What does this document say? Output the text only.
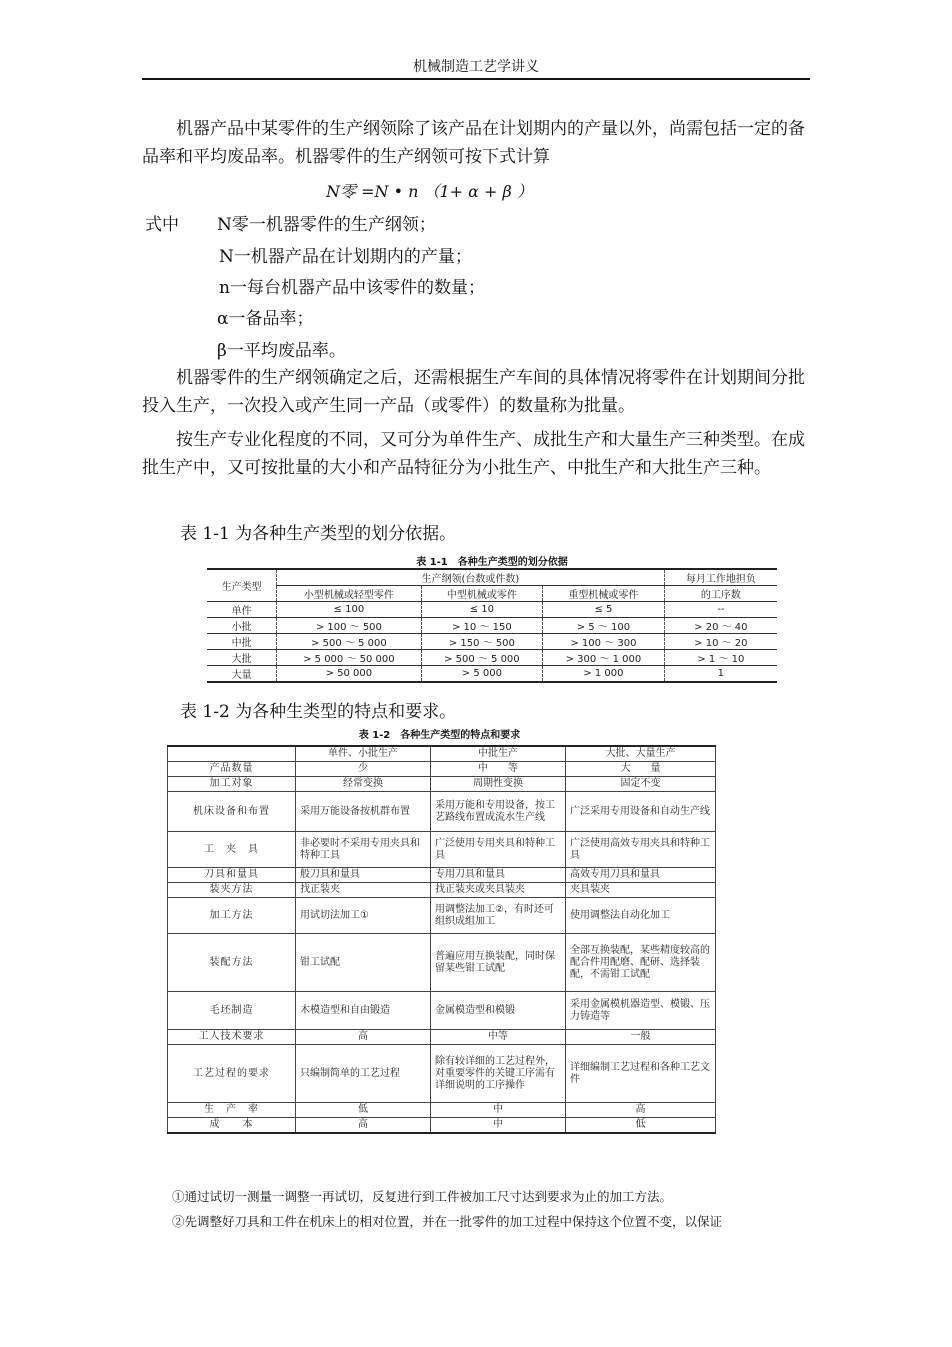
机械制造工艺学讲义
机器产品中某零件的生产纲领除了该产品在计划期内的产量以外，尚需包括一定的备品率和平均废品率。机器零件的生产纲领可按下式计算
N零 =N • n （1+ α + β ）
式中 N零一机器零件的生产纲领；
N一机器产品在计划期内的产量；
n一每台机器产品中该零件的数量；
α一备品率；
β一平均废品率。
机器零件的生产纲领确定之后，还需根据生产车间的具体情况将零件在计划期间分批投入生产，一次投入或产生同一产品（或零件）的数量称为批量。
按生产专业化程度的不同，又可分为单件生产、成批生产和大量生产三种类型。在成批生产中，又可按批量的大小和产品特征分为小批生产、中批生产和大批生产三种。
表 1-1 为各种生产类型的划分依据。
表 1-1　各种生产类型的划分依据
生产类型	生产纲领(台数或件数)			每月工作地担负
	小型机械或轻型零件	中型机械或零件	重型机械或零件	的工序数
单件	≤ 100	≤ 10	≤ 5	--
小批	> 100 ～ 500	> 10 ～ 150	> 5 ～ 100	> 20 ～ 40
中批	> 500 ～ 5 000	> 150 ～ 500	> 100 ～ 300	> 10 ～ 20
大批	> 5 000 ～ 50 000	> 500 ～ 5 000	> 300 ～ 1 000	> 1 ～ 10
大量	> 50 000	> 5 000	> 1 000	1
表 1-2 为各种生类型的特点和要求。
表 1-2　各种生产类型的特点和要求
	单件、小批生产	中批生产	大批、大量生产
产品数量	少	中　　等	大　　量
加工对象	经常变换	周期性变换	固定不变
机床设备和布置	采用万能设备按机群布置	采用万能和专用设备，按工艺路线布置成流水生产线	广泛采用专用设备和自动生产线
工　夹　具	非必要时不采用专用夹具和特种工具	广泛使用专用夹具和特种工具	广泛使用高效专用夹具和特种工具
刀具和量具	般刀具和量具	专用刀具和量具	高效专用刀具和量具
装夹方法	找正装夹	找正装夹或夹具装夹	夹具装夹
加工方法	用试切法加工①	用调整法加工②，有时还可组织成组加工	使用调整法自动化加工
装配方法	钳工试配	普遍应用互换装配，同时保留某些钳工试配	全部互换装配，某些精度较高的配合件用配磨、配研、选择装配，不需钳工试配
毛坯制造	木模造型和自由锻造	金属模造型和模锻	采用金属模机器造型、模锻、压力铸造等
工人技术要求	高	中等	一般
工艺过程的要求	只编制简单的工艺过程	除有较详细的工艺过程外，对重要零件的关键工序需有详细说明的工序操作	详细编制工艺过程和各种工艺文件
生　产　率	低	中	高
成　　本	高	中	低
①通过试切一测量一调整一再试切，反复进行到工件被加工尺寸达到要求为止的加工方法。
②先调整好刀具和工件在机床上的相对位置，并在一批零件的加工过程中保持这个位置不变，以保证
